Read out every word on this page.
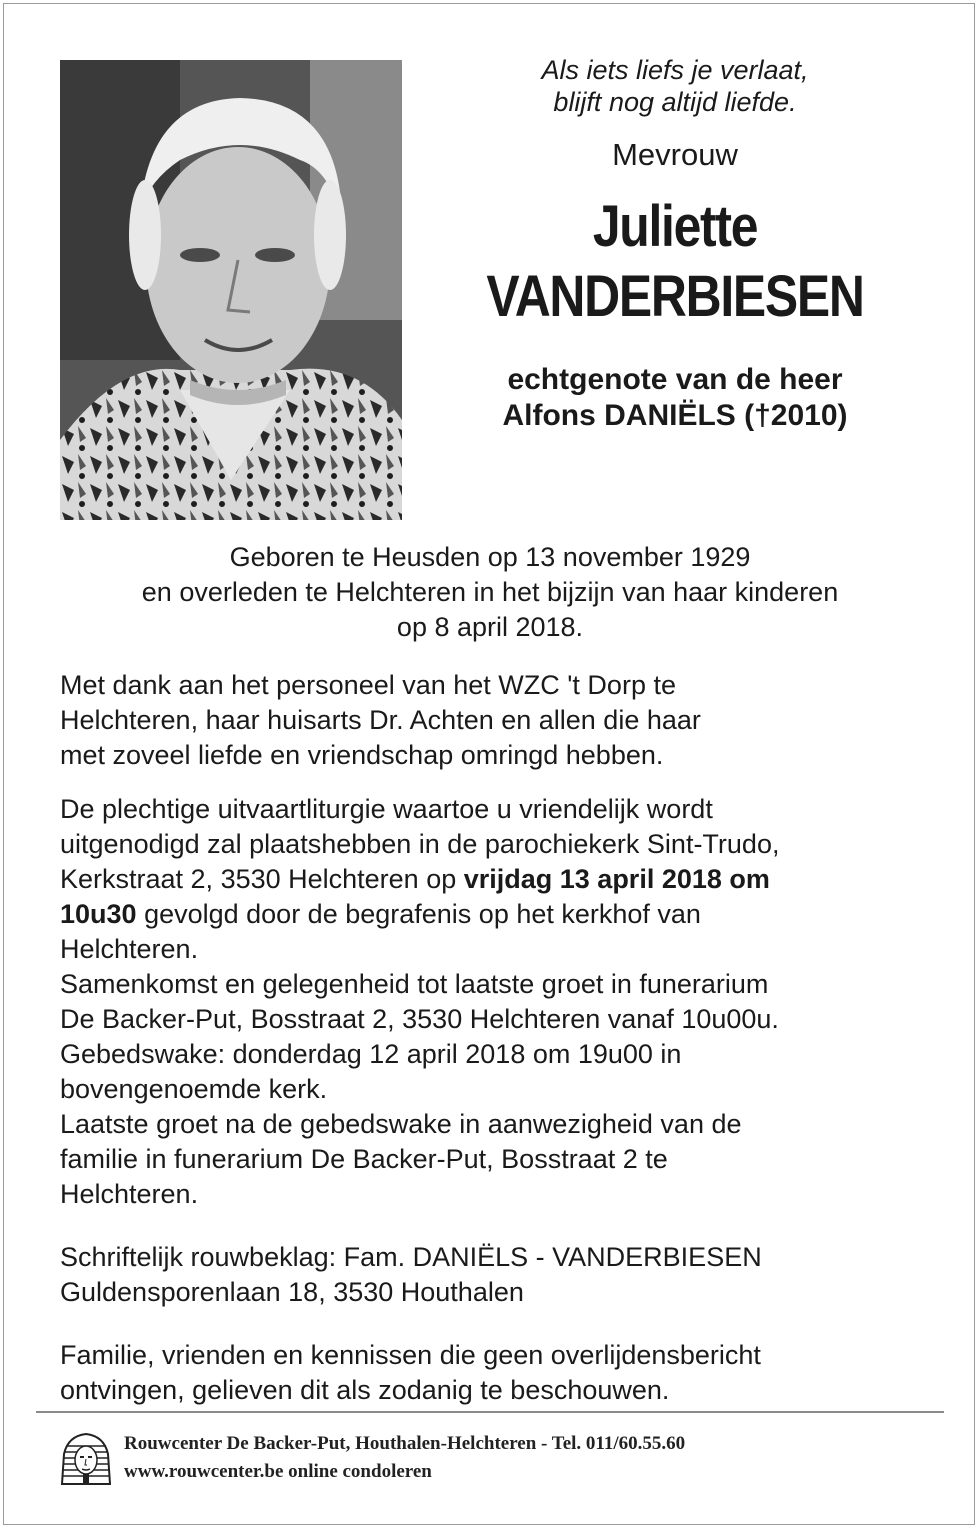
Als iets liefs je verlaat,
blijft nog altijd liefde.

Mevrouw

Juliette
VANDERBIESEN

echtgenote van de heer
Alfons DANIËLS (†2010)

Geboren te Heusden op 13 november 1929
en overleden te Helchteren in het bijzijn van haar kinderen
op 8 april 2018.

Met dank aan het personeel van het WZC 't Dorp te
Helchteren, haar huisarts Dr. Achten en allen die haar
met zoveel liefde en vriendschap omringd hebben.

De plechtige uitvaartliturgie waartoe u vriendelijk wordt
uitgenodigd zal plaatshebben in de parochiekerk Sint-Trudo,
Kerkstraat 2, 3530 Helchteren op vrijdag 13 april 2018 om
10u30 gevolgd door de begrafenis op het kerkhof van
Helchteren.
Samenkomst en gelegenheid tot laatste groet in funerarium
De Backer-Put, Bosstraat 2, 3530 Helchteren vanaf 10u00u.
Gebedswake: donderdag 12 april 2018 om 19u00 in
bovengenoemde kerk.
Laatste groet na de gebedswake in aanwezigheid van de
familie in funerarium De Backer-Put, Bosstraat 2 te
Helchteren.

Schriftelijk rouwbeklag: Fam. DANIËLS - VANDERBIESEN
Guldensporenlaan 18, 3530 Houthalen

Familie, vrienden en kennissen die geen overlijdensbericht
ontvingen, gelieven dit als zodanig te beschouwen.

Rouwcenter De Backer-Put, Houthalen-Helchteren - Tel. 011/60.55.60
www.rouwcenter.be online condoleren
